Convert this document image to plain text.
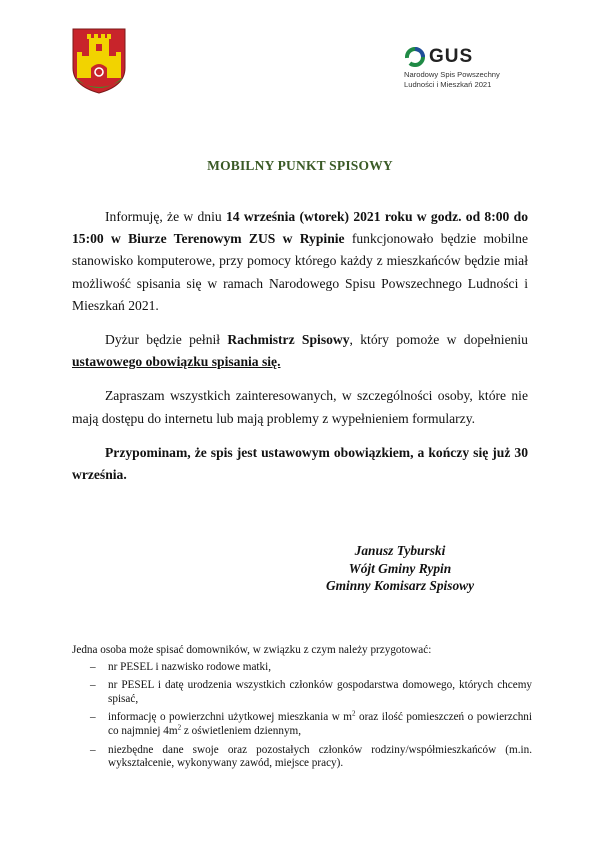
GUS
Narodowy Spis Powszechny
Ludności i Mieszkań 2021
MOBILNY PUNKT SPISOWY

Informuję, że w dniu 14 września (wtorek) 2021 roku w godz. od 8:00 do 15:00 w Biurze Terenowym ZUS w Rypinie funkcjonowało będzie mobilne stanowisko komputerowe, przy pomocy którego każdy z mieszkańców będzie miał możliwość spisania się w ramach Narodowego Spisu Powszechnego Ludności i Mieszkań 2021.

Dyżur będzie pełnił Rachmistrz Spisowy, który pomoże w dopełnieniu ustawowego obowiązku spisania się.

Zapraszam wszystkich zainteresowanych, w szczególności osoby, które nie mają dostępu do internetu lub mają problemy z wypełnieniem formularzy.

Przypominam, że spis jest ustawowym obowiązkiem, a kończy się już 30 września.

Janusz Tyburski
Wójt Gminy Rypin
Gminny Komisarz Spisowy

Jedna osoba może spisać domowników, w związku z czym należy przygotować:

– nr PESEL i nazwisko rodowe matki,
– nr PESEL i datę urodzenia wszystkich członków gospodarstwa domowego, których chcemy spisać,
– informację o powierzchni użytkowej mieszkania w $m^2$ oraz ilość pomieszczeń o powierzchni co najmniej $4m^2$ z oświetleniem dziennym,
– niezbędne dane swoje oraz pozostałych członków rodziny/współmieszkańców (m.in. wykształcenie, wykonywany zawód, miejsce pracy).
